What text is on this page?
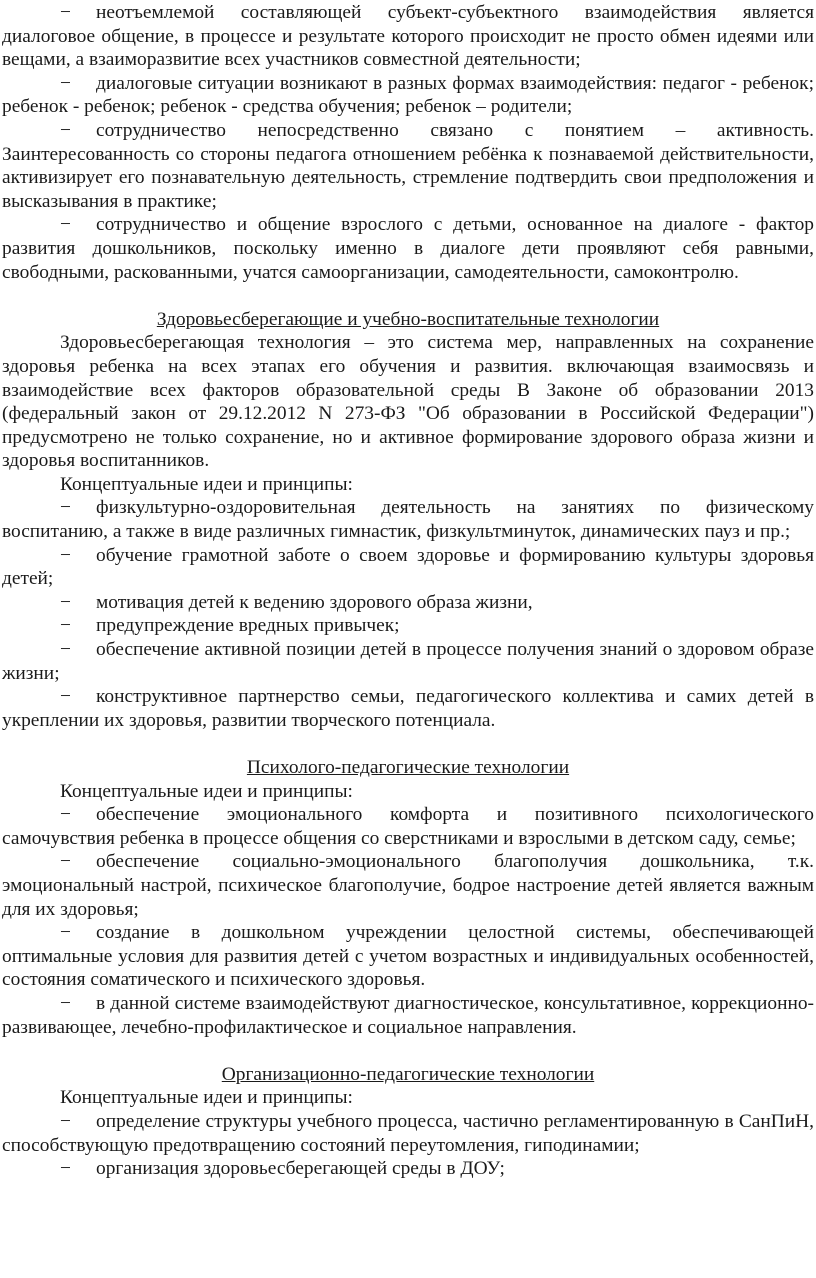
− неотъемлемой составляющей субъект-субъектного взаимодействия является диалоговое общение, в процессе и результате которого происходит не просто обмен идеями или вещами, а взаиморазвитие всех участников совместной деятельности;

− диалоговые ситуации возникают в разных формах взаимодействия: педагог - ребенок; ребенок - ребенок; ребенок - средства обучения; ребенок – родители;

− сотрудничество непосредственно связано с понятием – активность. Заинтересованность со стороны педагога отношением ребёнка к познаваемой действительности, активизирует его познавательную деятельность, стремление подтвердить свои предположения и высказывания в практике;

− сотрудничество и общение взрослого с детьми, основанное на диалоге - фактор развития дошкольников, поскольку именно в диалоге дети проявляют себя равными, свободными, раскованными, учатся самоорганизации, самодеятельности, самоконтролю.

Здоровьесберегающие и учебно-воспитательные технологии

Здоровьесберегающая технология – это система мер, направленных на сохранение здоровья ребенка на всех этапах его обучения и развития. включающая взаимосвязь и взаимодействие всех факторов образовательной среды В Законе об образовании 2013 (федеральный закон от 29.12.2012 N 273-ФЗ "Об образовании в Российской Федерации") предусмотрено не только сохранение, но и активное формирование здорового образа жизни и здоровья воспитанников.

Концептуальные идеи и принципы:

− физкультурно-оздоровительная деятельность на занятиях по физическому воспитанию, а также в виде различных гимнастик, физкультминуток, динамических пауз и пр.;

− обучение грамотной заботе о своем здоровье и формированию культуры здоровья детей;

− мотивация детей к ведению здорового образа жизни,

− предупреждение вредных привычек;

− обеспечение активной позиции детей в процессе получения знаний о здоровом образе жизни;

− конструктивное партнерство семьи, педагогического коллектива и самих детей в укреплении их здоровья, развитии творческого потенциала.

Психолого-педагогические технологии

Концептуальные идеи и принципы:

− обеспечение эмоционального комфорта и позитивного психологического самочувствия ребенка в процессе общения со сверстниками и взрослыми в детском саду, семье;

− обеспечение социально-эмоционального благополучия дошкольника, т.к. эмоциональный настрой, психическое благополучие, бодрое настроение детей является важным для их здоровья;

− создание в дошкольном учреждении целостной системы, обеспечивающей оптимальные условия для развития детей с учетом возрастных и индивидуальных особенностей, состояния соматического и психического здоровья.

− в данной системе взаимодействуют диагностическое, консультативное, коррекционно-развивающее, лечебно-профилактическое и социальное направления.

Организационно-педагогические технологии

Концептуальные идеи и принципы:

− определение структуры учебного процесса, частично регламентированную в СанПиН, способствующую предотвращению состояний переутомления, гиподинамии;

− организация здоровьесберегающей среды в ДОУ;
